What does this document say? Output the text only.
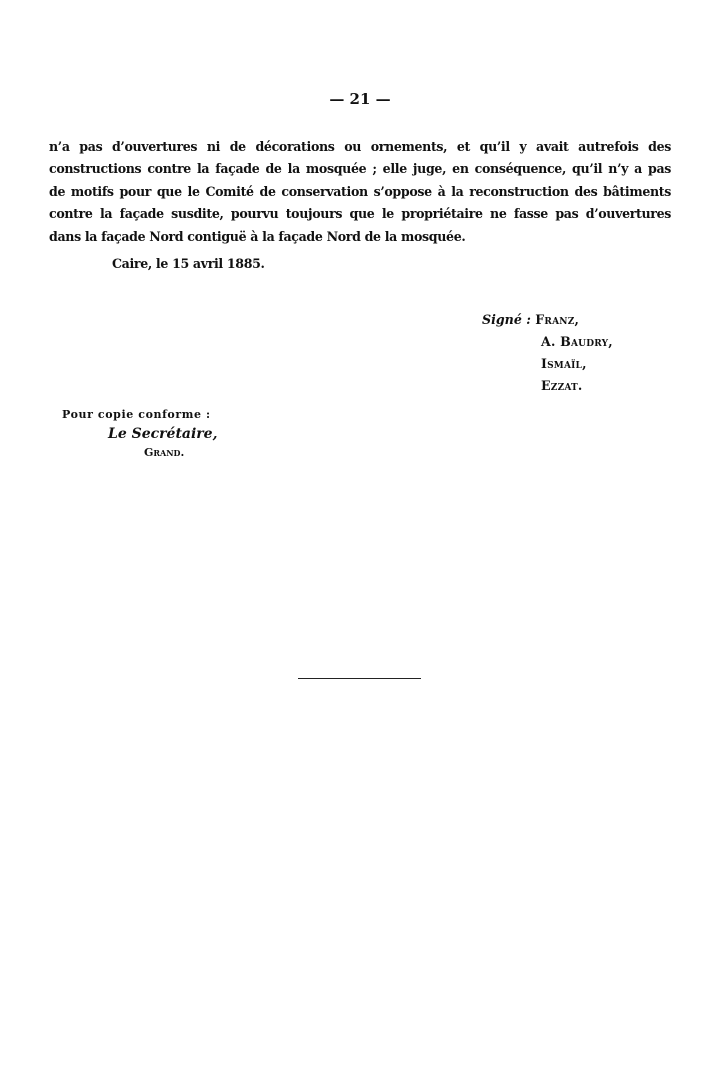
— 21 —
n’a pas d’ouvertures ni de décorations ou ornements, et qu’il y avait autrefois des
constructions contre la façade de la mosquée ; elle juge, en conséquence, qu’il n’y a pas
de motifs pour que le Comité de conservation s’oppose à la reconstruction des bâtiments
contre la façade susdite, pourvu toujours que le propriétaire ne fasse pas d’ouvertures
dans la façade Nord contiguë à la façade Nord de la mosquée.
Caire, le 15 avril 1885.
Signé : Franz,
A. Baudry,
Ismaïl,
Ezzat.
Pour copie conforme :
Le Secrétaire,
Grand.
